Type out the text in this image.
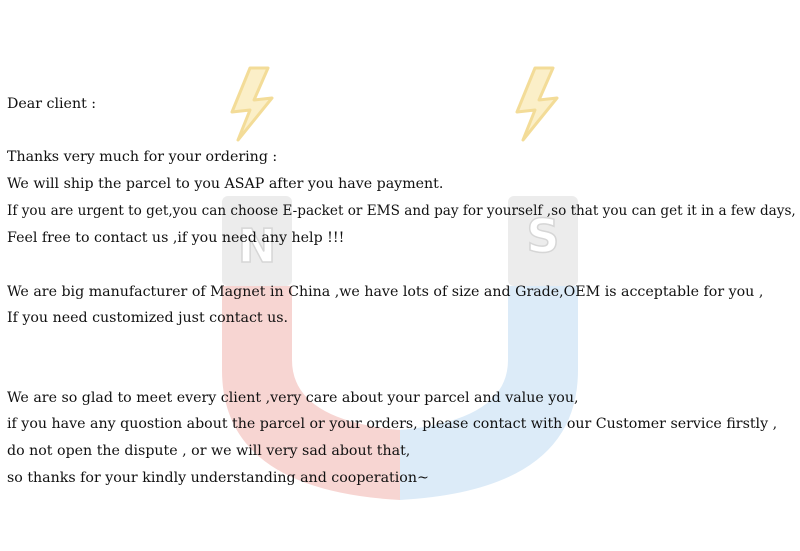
N	S
Dear client :
Thanks very much for your ordering :
We will ship the parcel to you ASAP after you have payment.
If you are urgent to get,you can choose E-packet or EMS and pay for yourself ,so that you can get it in a few days,
Feel free to contact us ,if you need any help !!!
We are big manufacturer of Magnet in China ,we have lots of size and Grade,OEM is acceptable for you ,
If you need customized just contact us.
We are so glad to meet every client ,very care about your parcel and value you,
if you have any quostion about the parcel or your orders, please contact with our Customer service firstly ,
do not open the dispute , or we will very sad about that,
so thanks for your kindly understanding and cooperation~
